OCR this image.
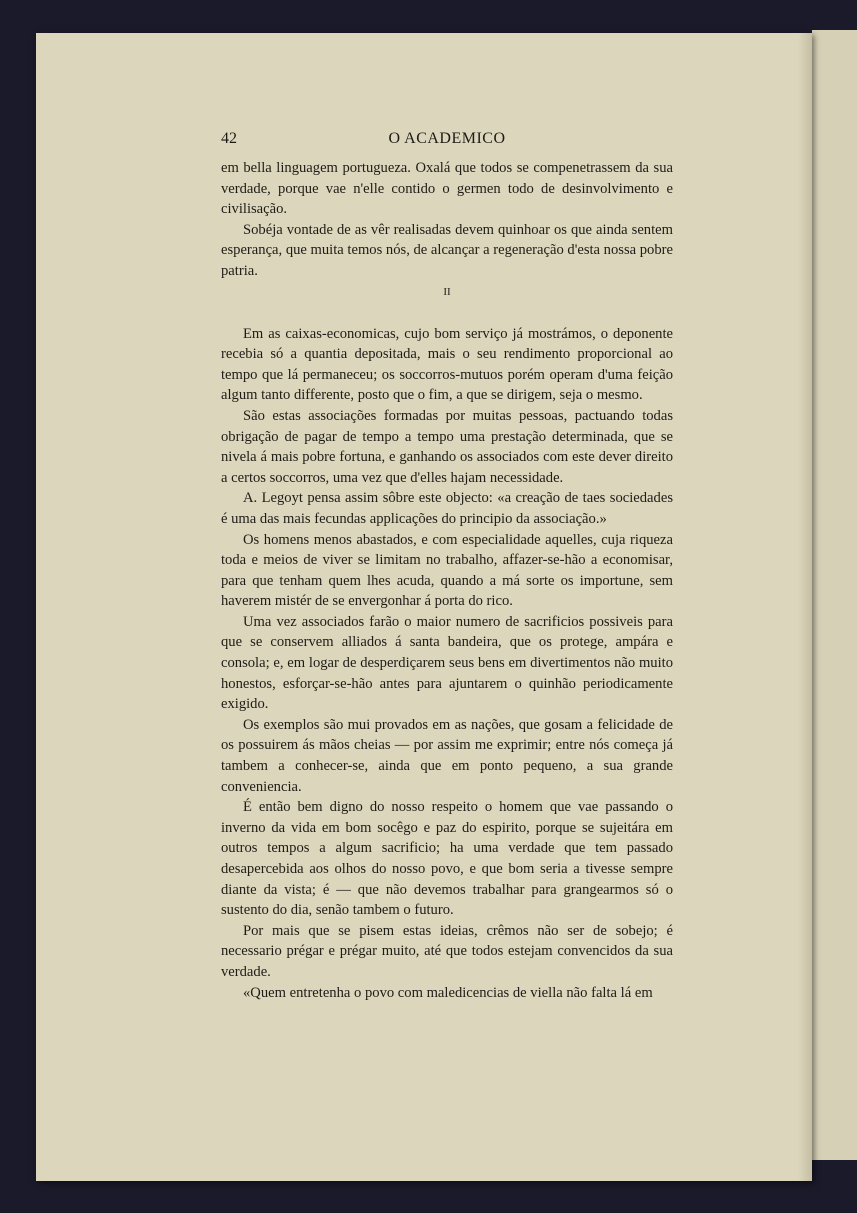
42	O ACADEMICO

em bella linguagem portugueza. Oxalá que todos se compenetrassem da sua verdade, porque vae n'elle contido o germen todo de desinvolvimento e civilisação.

Sobéja vontade de as vêr realisadas devem quinhoar os que ainda sentem esperança, que muita temos nós, de alcançar a regeneração d'esta nossa pobre patria.

II

Em as caixas-economicas, cujo bom serviço já mostrámos, o deponente recebia só a quantia depositada, mais o seu rendimento proporcional ao tempo que lá permaneceu; os soccorros-mutuos porém operam d'uma feição algum tanto differente, posto que o fim, a que se dirigem, seja o mesmo.

São estas associações formadas por muitas pessoas, pactuando todas obrigação de pagar de tempo a tempo uma prestação determinada, que se nivela á mais pobre fortuna, e ganhando os associados com este dever direito a certos soccorros, uma vez que d'elles hajam necessidade.

A. Legoyt pensa assim sôbre este objecto: «a creação de taes sociedades é uma das mais fecundas applicações do principio da associação.»

Os homens menos abastados, e com especialidade aquelles, cuja riqueza toda e meios de viver se limitam no trabalho, affazer-se-hão a economisar, para que tenham quem lhes acuda, quando a má sorte os importune, sem haverem mistér de se envergonhar á porta do rico.

Uma vez associados farão o maior numero de sacrificios possiveis para que se conservem alliados á santa bandeira, que os protege, ampára e consola; e, em logar de desperdiçarem seus bens em divertimentos não muito honestos, esforçar-se-hão antes para ajuntarem o quinhão periodicamente exigido.

Os exemplos são mui provados em as nações, que gosam a felicidade de os possuirem ás mãos cheias — por assim me exprimir; entre nós começa já tambem a conhecer-se, ainda que em ponto pequeno, a sua grande conveniencia.

É então bem digno do nosso respeito o homem que vae passando o inverno da vida em bom socêgo e paz do espirito, porque se sujeitára em outros tempos a algum sacrificio; ha uma verdade que tem passado desapercebida aos olhos do nosso povo, e que bom seria a tivesse sempre diante da vista; é — que não devemos trabalhar para grangearmos só o sustento do dia, senão tambem o futuro.

Por mais que se pisem estas ideias, crêmos não ser de sobejo; é necessario prégar e prégar muito, até que todos estejam convencidos da sua verdade.

«Quem entretenha o povo com maledicencias de viella não falta lá em
